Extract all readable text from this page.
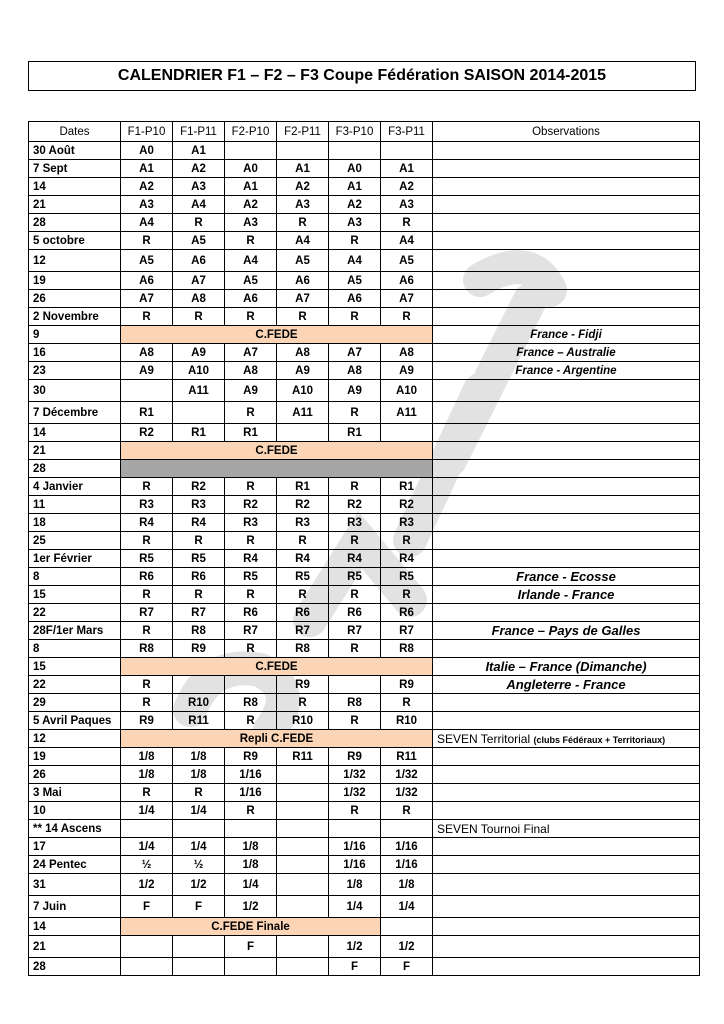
CALENDRIER F1 – F2 – F3 Coupe Fédération SAISON 2014-2015
Dates	F1-P10	F1-P11	F2-P10	F2-P11	F3-P10	F3-P11	Observations
30 Août	A0	A1					
7 Sept	A1	A2	A0	A1	A0	A1	
14	A2	A3	A1	A2	A1	A2	
21	A3	A4	A2	A3	A2	A3	
28	A4	R	A3	R	A3	R	
5 octobre	R	A5	R	A4	R	A4	
12	A5	A6	A4	A5	A4	A5	
19	A6	A7	A5	A6	A5	A6	
26	A7	A8	A6	A7	A6	A7	
2 Novembre	R	R	R	R	R	R	
9	C.FEDE						France - Fidji
16	A8	A9	A7	A8	A7	A8	France – Australie
23	A9	A10	A8	A9	A8	A9	France - Argentine
30		A11	A9	A10	A9	A10	
7 Décembre	R1		R	A11	R	A11	
14	R2	R1	R1		R1		
21	C.FEDE						
28							
4 Janvier	R	R2	R	R1	R	R1	
11	R3	R3	R2	R2	R2	R2	
18	R4	R4	R3	R3	R3	R3	
25	R	R	R	R	R	R	
1er Février	R5	R5	R4	R4	R4	R4	
8	R6	R6	R5	R5	R5	R5	France - Ecosse
15	R	R	R	R	R	R	Irlande - France
22	R7	R7	R6	R6	R6	R6	
28F/1er Mars	R	R8	R7	R7	R7	R7	France – Pays de Galles
8	R8	R9	R	R8	R	R8	
15	C.FEDE						Italie – France (Dimanche)
22	R			R9		R9	Angleterre - France
29	R	R10	R8	R	R8	R	
5 Avril Paques	R9	R11	R	R10	R	R10	
12	Repli C.FEDE						SEVEN Territorial (clubs Fédéraux + Territoriaux)
19	1/8	1/8	R9	R11	R9	R11	
26	1/8	1/8	1/16		1/32	1/32	
3 Mai	R	R	1/16		1/32	1/32	
10	1/4	1/4	R		R	R	
** 14 Ascens							SEVEN Tournoi Final
17	1/4	1/4	1/8		1/16	1/16	
24 Pentec	½	½	1/8		1/16	1/16	
31	1/2	1/2	1/4		1/8	1/8	
7 Juin	F	F	1/2		1/4	1/4	
14	C.FEDE Finale						
21			F		1/2	1/2	
28					F	F	
